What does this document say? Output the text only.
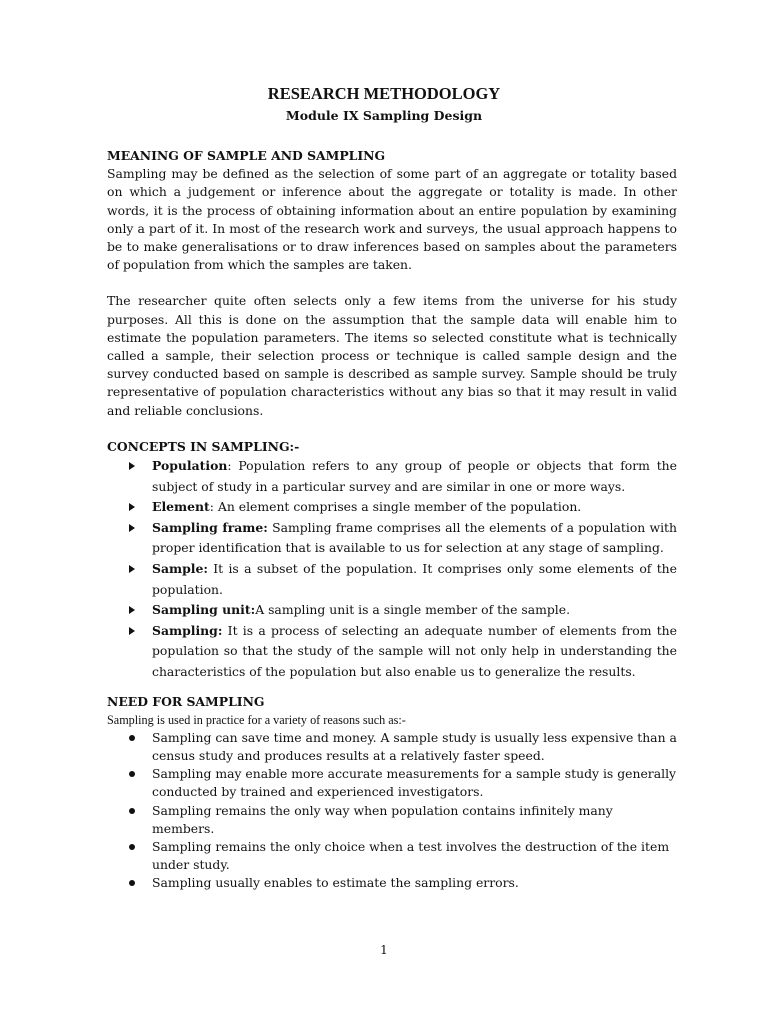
RESEARCH METHODOLOGY
Module IX Sampling Design

MEANING OF SAMPLE AND SAMPLING

Sampling may be defined as the selection of some part of an aggregate or totality based on which a judgement or inference about the aggregate or totality is made. In other words, it is the process of obtaining information about an entire population by examining only a part of it. In most of the research work and surveys, the usual approach happens to be to make generalisations or to draw inferences based on samples about the parameters of population from which the samples are taken.

The researcher quite often selects only a few items from the universe for his study purposes. All this is done on the assumption that the sample data will enable him to estimate the population parameters. The items so selected constitute what is technically called a sample, their selection process or technique is called sample design and the survey conducted based on sample is described as sample survey. Sample should be truly representative of population characteristics without any bias so that it may result in valid and reliable conclusions.

CONCEPTS IN SAMPLING:-

Population: Population refers to any group of people or objects that form the subject of study in a particular survey and are similar in one or more ways.
Element: An element comprises a single member of the population.
Sampling frame: Sampling frame comprises all the elements of a population with proper identification that is available to us for selection at any stage of sampling.
Sample: It is a subset of the population. It comprises only some elements of the population.
Sampling unit:A sampling unit is a single member of the sample.
Sampling: It is a process of selecting an adequate number of elements from the population so that the study of the sample will not only help in understanding the characteristics of the population but also enable us to generalize the results.

NEED FOR SAMPLING

Sampling is used in practice for a variety of reasons such as:-

Sampling can save time and money. A sample study is usually less expensive than a census study and produces results at a relatively faster speed.
Sampling may enable more accurate measurements for a sample study is generally conducted by trained and experienced investigators.
Sampling remains the only way when population contains infinitely many members.
Sampling remains the only choice when a test involves the destruction of the item under study.
Sampling usually enables to estimate the sampling errors.
1
